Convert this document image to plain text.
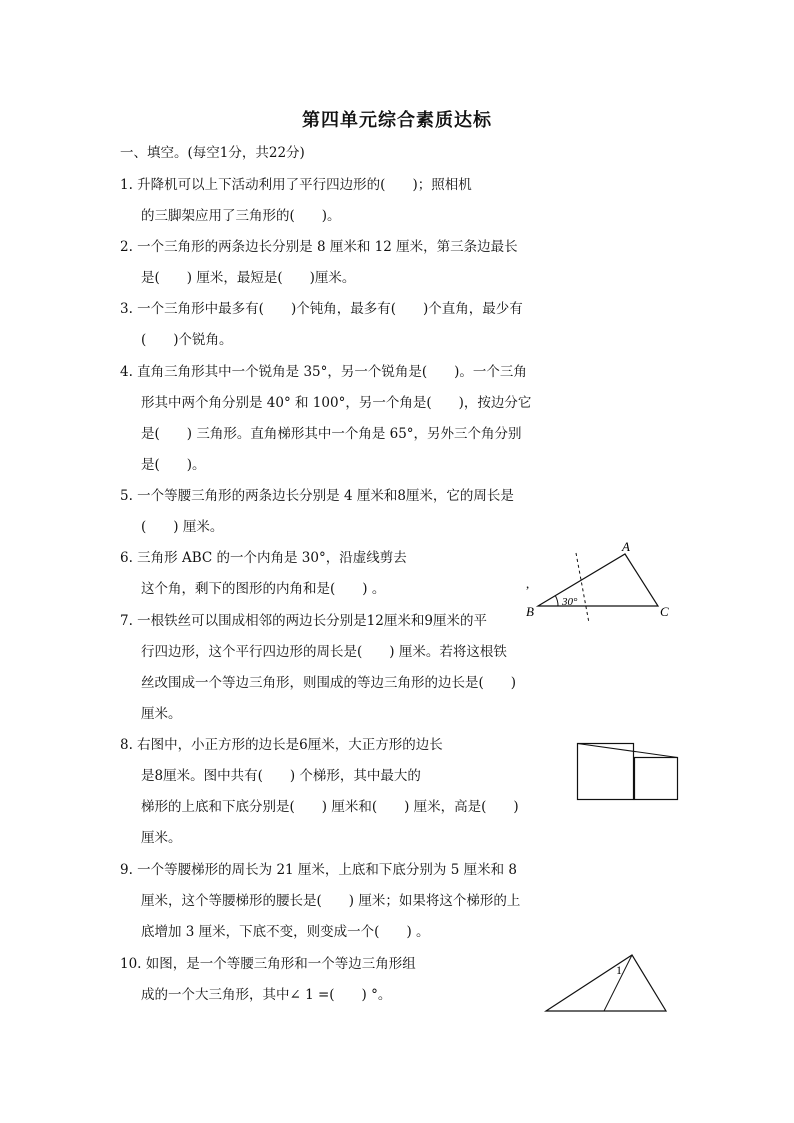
第四单元综合素质达标
一、填空。(每空1分，共22分)
1. 升降机可以上下活动利用了平行四边形的(　　)；照相机
的三脚架应用了三角形的(　　)。
2. 一个三角形的两条边长分别是 8 厘米和 12 厘米，第三条边最长
是(　　) 厘米，最短是(　　)厘米。
3. 一个三角形中最多有(　　)个钝角，最多有(　　)个直角，最少有
(　　)个锐角。
4. 直角三角形其中一个锐角是 35°，另一个锐角是(　　)。一个三角
形其中两个角分别是 40° 和 100°，另一个角是(　　)，按边分它
是(　　) 三角形。直角梯形其中一个角是 65°，另外三个角分别
是(　　)。
5. 一个等腰三角形的两条边长分别是 4 厘米和8厘米，它的周长是
(　　) 厘米。
6. 三角形 ABC 的一个内角是 30°，沿虚线剪去
这个角，剩下的图形的内角和是(　　) 。
7. 一根铁丝可以围成相邻的两边长分别是12厘米和9厘米的平
行四边形，这个平行四边形的周长是(　　) 厘米。若将这根铁
丝改围成一个等边三角形，则围成的等边三角形的边长是(　　)
厘米。
8. 右图中，小正方形的边长是6厘米，大正方形的边长
是8厘米。图中共有(　　) 个梯形，其中最大的
梯形的上底和下底分别是(　　) 厘米和(　　) 厘米，高是(　　)
厘米。
9. 一个等腰梯形的周长为 21 厘米，上底和下底分别为 5 厘米和 8
厘米，这个等腰梯形的腰长是(　　) 厘米；如果将这个梯形的上
底增加 3 厘米，下底不变，则变成一个(　　) 。
10. 如图，是一个等腰三角形和一个等边三角形组
成的一个大三角形，其中∠ 1 =(　　) °。
A
B	C
30°
,
1
